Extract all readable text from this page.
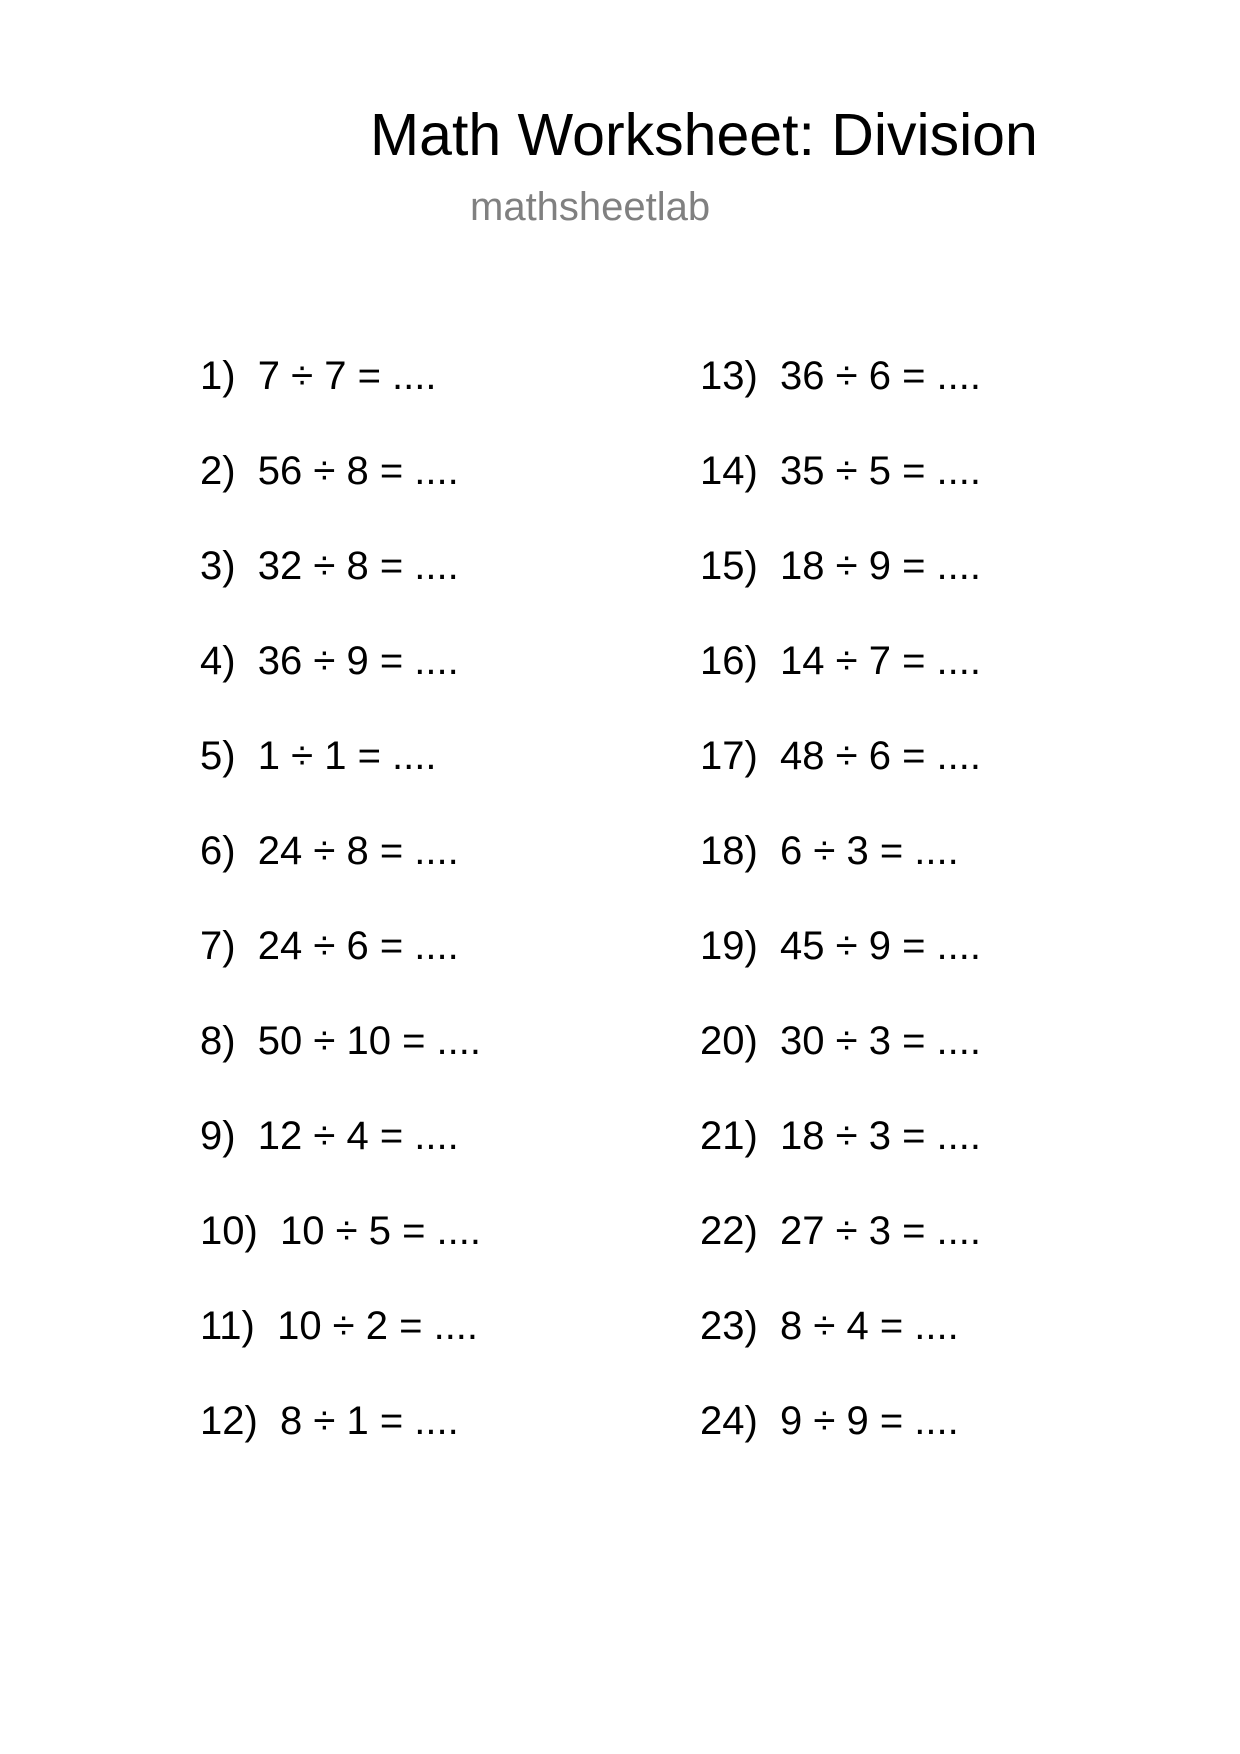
Math Worksheet: Division
mathsheetlab
1)  7 ÷ 7 = ....
2)  56 ÷ 8 = ....
3)  32 ÷ 8 = ....
4)  36 ÷ 9 = ....
5)  1 ÷ 1 = ....
6)  24 ÷ 8 = ....
7)  24 ÷ 6 = ....
8)  50 ÷ 10 = ....
9)  12 ÷ 4 = ....
10)  10 ÷ 5 = ....
11)  10 ÷ 2 = ....
12)  8 ÷ 1 = ....
13)  36 ÷ 6 = ....
14)  35 ÷ 5 = ....
15)  18 ÷ 9 = ....
16)  14 ÷ 7 = ....
17)  48 ÷ 6 = ....
18)  6 ÷ 3 = ....
19)  45 ÷ 9 = ....
20)  30 ÷ 3 = ....
21)  18 ÷ 3 = ....
22)  27 ÷ 3 = ....
23)  8 ÷ 4 = ....
24)  9 ÷ 9 = ....
